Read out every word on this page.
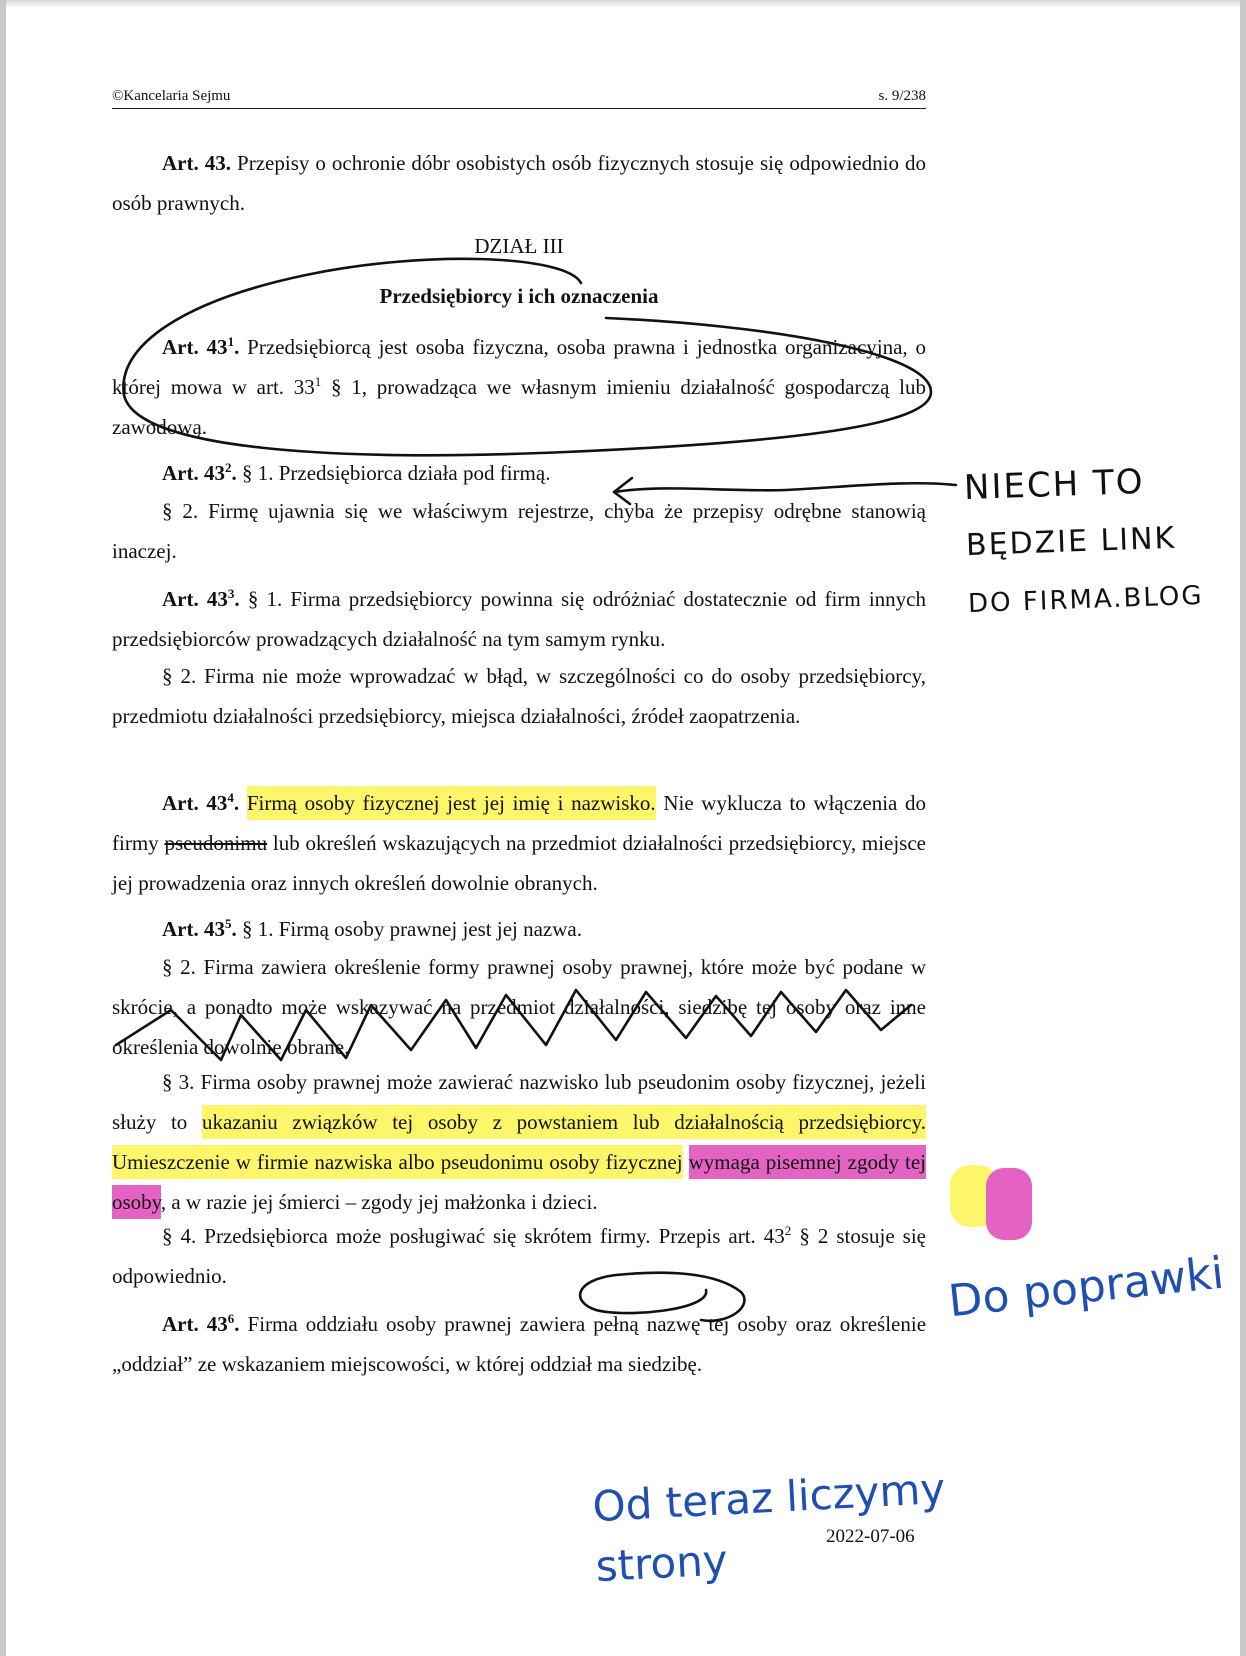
©Kancelaria Sejmu	s. 9/238
Art. 43. Przepisy o ochronie dóbr osobistych osób fizycznych stosuje się odpowiednio do osób prawnych.
DZIAŁ III
Przedsiębiorcy i ich oznaczenia
Art. $43^1$. Przedsiębiorcą jest osoba fizyczna, osoba prawna i jednostka organizacyjna, o której mowa w art. $33^1$ § 1, prowadząca we własnym imieniu działalność gospodarczą lub zawodową.
Art. $43^2$. § 1. Przedsiębiorca działa pod firmą.
§ 2. Firmę ujawnia się we właściwym rejestrze, chyba że przepisy odrębne stanowią inaczej.
Art. $43^3$. § 1. Firma przedsiębiorcy powinna się odróżniać dostatecznie od firm innych przedsiębiorców prowadzących działalność na tym samym rynku.
§ 2. Firma nie może wprowadzać w błąd, w szczególności co do osoby przedsiębiorcy, przedmiotu działalności przedsiębiorcy, miejsca działalności, źródeł zaopatrzenia.
Art. $43^4$. Firmą osoby fizycznej jest jej imię i nazwisko. Nie wyklucza to włączenia do firmy pseudonimu lub określeń wskazujących na przedmiot działalności przedsiębiorcy, miejsce jej prowadzenia oraz innych określeń dowolnie obranych.
Art. $43^5$. § 1. Firmą osoby prawnej jest jej nazwa.
§ 2. Firma zawiera określenie formy prawnej osoby prawnej, które może być podane w skrócie, a ponadto może wskazywać na przedmiot działalności, siedzibę tej osoby oraz inne określenia dowolnie obrane.
§ 3. Firma osoby prawnej może zawierać nazwisko lub pseudonim osoby fizycznej, jeżeli służy to ukazaniu związków tej osoby z powstaniem lub działalnością przedsiębiorcy. Umieszczenie w firmie nazwiska albo pseudonimu osoby fizycznej wymaga pisemnej zgody tej osoby, a w razie jej śmierci – zgody jej małżonka i dzieci.
§ 4. Przedsiębiorca może posługiwać się skrótem firmy. Przepis art. $43^2$ § 2 stosuje się odpowiednio.
Art. $43^6$. Firma oddziału osoby prawnej zawiera pełną nazwę tej osoby oraz określenie „oddział” ze wskazaniem miejscowości, w której oddział ma siedzibę.
2022-07-06
NIECH TO
BĘDZIE LINK
DO FIRMA.BLOG
Do poprawki
Od teraz liczymy
strony
